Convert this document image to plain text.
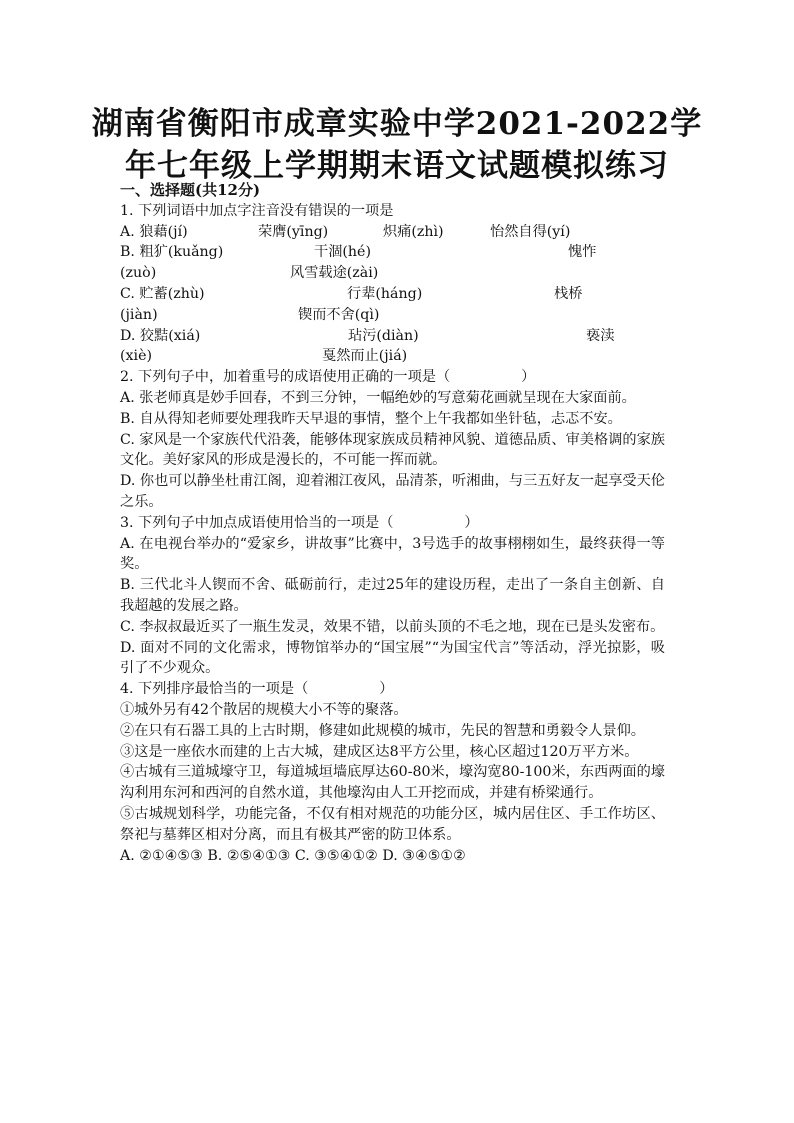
湖南省衡阳市成章实验中学2021-2022学
年七年级上学期期末语文试题模拟练习
一、选择题(共12分)
1. 下列词语中加点字注音没有错误的一项是
A. 狼藉(jí)	荣膺(yīng)	炽痛(zhì)	怡然自得(yí)
B. 粗犷(kuǎng)	干涸(hé)	愧怍
(zuò)	风雪载途(zài)
C. 贮蓄(zhù)	行辈(háng)	栈桥
(jiàn)	锲而不舍(qì)
D. 狡黠(xiá)	玷污(diàn)	亵渎
(xiè)	戛然而止(jiá)
2. 下列句子中，加着重号的成语使用正确的一项是（　　　　　）
A. 张老师真是妙手回春，不到三分钟，一幅绝妙的写意菊花画就呈现在大家面前。
B. 自从得知老师要处理我昨天早退的事情，整个上午我都如坐针毡，忐忑不安。
C. 家风是一个家族代代沿袭，能够体现家族成员精神风貌、道德品质、审美格调的家族文化。美好家风的形成是漫长的，不可能一挥而就。
D. 你也可以静坐杜甫江阁，迎着湘江夜风，品清茶，听湘曲，与三五好友一起享受天伦之乐。
3. 下列句子中加点成语使用恰当的一项是（　　　　　）
A. 在电视台举办的“爱家乡，讲故事”比赛中，3号选手的故事栩栩如生，最终获得一等奖。
B. 三代北斗人锲而不舍、砥砺前行，走过25年的建设历程，走出了一条自主创新、自我超越的发展之路。
C. 李叔叔最近买了一瓶生发灵，效果不错，以前头顶的不毛之地，现在已是头发密布。
D. 面对不同的文化需求，博物馆举办的“国宝展”“为国宝代言”等活动，浮光掠影，吸引了不少观众。
4. 下列排序最恰当的一项是（　　　　　）
①城外另有42个散居的规模大小不等的聚落。
②在只有石器工具的上古时期，修建如此规模的城市，先民的智慧和勇毅令人景仰。
③这是一座依水而建的上古大城，建成区达8平方公里，核心区超过120万平方米。
④古城有三道城壕守卫，每道城垣墙底厚达60-80米，壕沟宽80-100米，东西两面的壕沟利用东河和西河的自然水道，其他壕沟由人工开挖而成，并建有桥梁通行。
⑤古城规划科学，功能完备，不仅有相对规范的功能分区，城内居住区、手工作坊区、祭祀与墓葬区相对分离，而且有极其严密的防卫体系。
A. ②①④⑤③ B. ②⑤④①③ C. ③⑤④①② D. ③④⑤①②
